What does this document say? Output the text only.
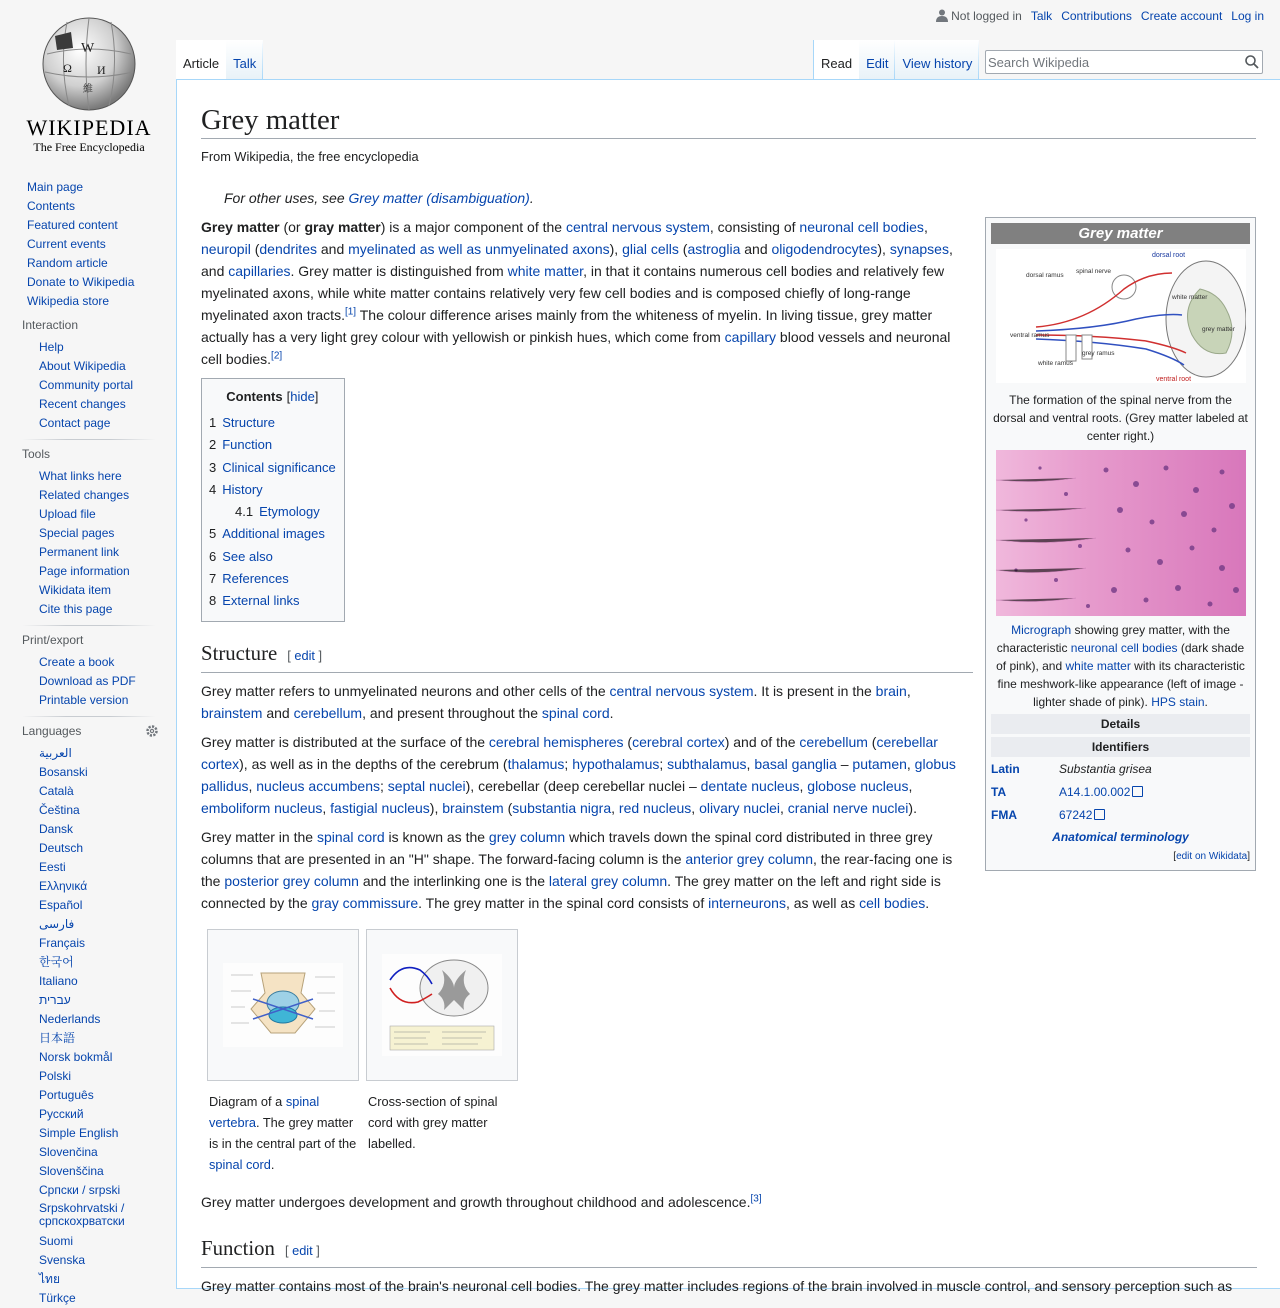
W
Ω И
維
WIKIPEDIA
The Free Encyclopedia
Main page
Contents
Featured content
Current events
Random article
Donate to Wikipedia
Wikipedia store
Interaction
Help
About Wikipedia
Community portal
Recent changes
Contact page
Tools
What links here
Related changes
Upload file
Special pages
Permanent link
Page information
Wikidata item
Cite this page
Print/export
Create a book
Download as PDF
Printable version
Languages
العربية
Bosanski
Català
Čeština
Dansk
Deutsch
Eesti
Ελληνικά
Español
فارسی
Français
한국어
Italiano
עברית
Nederlands
日本語
Norsk bokmål
Polski
Português
Русский
Simple English
Slovenčina
Slovenščina
Српски / srpski
Srpskohrvatski / српскохрватски
Suomi
Svenska
ไทย
Türkçe
Not logged in Talk Contributions Create account Log in
Article Talk	Read Edit View history
Search Wikipedia
Grey matter
From Wikipedia, the free encyclopedia
For other uses, see Grey matter (disambiguation).

Grey matter (or gray matter) is a major component of the central nervous system, consisting of neuronal cell bodies, neuropil (dendrites and myelinated as well as unmyelinated axons), glial cells (astroglia and oligodendrocytes), synapses, and capillaries. Grey matter is distinguished from white matter, in that it contains numerous cell bodies and relatively few myelinated axons, while white matter contains relatively very few cell bodies and is composed chiefly of long-range myelinated axon tracts.[1] The colour difference arises mainly from the whiteness of myelin. In living tissue, grey matter actually has a very light grey colour with yellowish or pinkish hues, which come from capillary blood vessels and neuronal cell bodies.[2]

Contents [hide]
1 Structure
2 Function
3 Clinical significance
4 History
4.1 Etymology
5 Additional images
6 See also
7 References
8 External links
Structure [ edit ]

Grey matter refers to unmyelinated neurons and other cells of the central nervous system. It is present in the brain, brainstem and cerebellum, and present throughout the spinal cord.

Grey matter is distributed at the surface of the cerebral hemispheres (cerebral cortex) and of the cerebellum (cerebellar cortex), as well as in the depths of the cerebrum (thalamus; hypothalamus; subthalamus, basal ganglia – putamen, globus pallidus, nucleus accumbens; septal nuclei), cerebellar (deep cerebellar nuclei – dentate nucleus, globose nucleus, emboliform nucleus, fastigial nucleus), brainstem (substantia nigra, red nucleus, olivary nuclei, cranial nerve nuclei).

Grey matter in the spinal cord is known as the grey column which travels down the spinal cord distributed in three grey columns that are presented in an "H" shape. The forward-facing column is the anterior grey column, the rear-facing one is the posterior grey column and the interlinking one is the lateral grey column. The grey matter on the left and right side is connected by the gray commissure. The grey matter in the spinal cord consists of interneurons, as well as cell bodies.

Diagram of a spinal vertebra. The grey matter is in the central part of the spinal cord.
Cross-section of spinal cord with grey matter labelled.

Grey matter undergoes development and growth throughout childhood and adolescence.[3]

Function [ edit ]

Grey matter contains most of the brain's neuronal cell bodies. The grey matter includes regions of the brain involved in muscle control, and sensory perception such as

Grey matter
dorsal root
dorsal ramus
spinal nerve
white matter
grey matter
ventral ramus
grey ramus
white ramus
ventral root
The formation of the spinal nerve from the dorsal and ventral roots. (Grey matter labeled at center right.)
Micrograph showing grey matter, with the characteristic neuronal cell bodies (dark shade of pink), and white matter with its characteristic fine meshwork-like appearance (left of image - lighter shade of pink). HPS stain.
Details
Identifiers
Latin	Substantia grisea
TA	A14.1.00.002
FMA	67242
Anatomical terminology
[edit on Wikidata]
